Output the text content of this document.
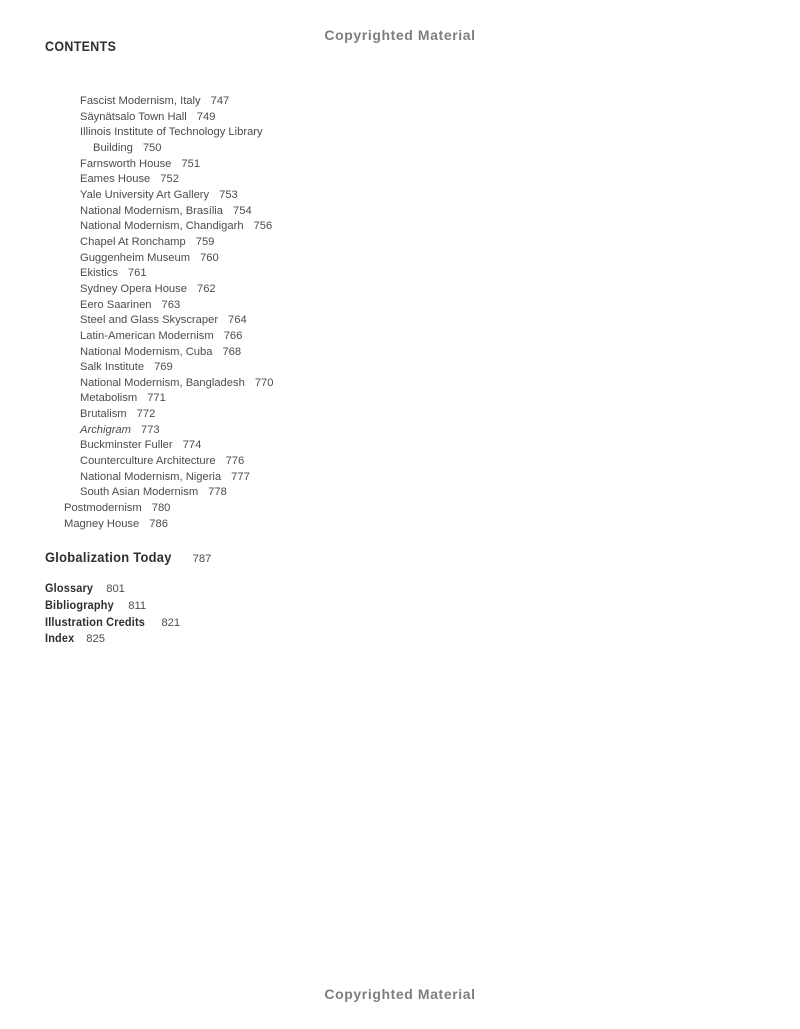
Copyrighted Material
CONTENTS
Fascist Modernism, Italy 747
Säynätsalo Town Hall 749
Illinois Institute of Technology Library
Building 750
Farnsworth House 751
Eames House 752
Yale University Art Gallery 753
National Modernism, Brasília 754
National Modernism, Chandigarh 756
Chapel At Ronchamp 759
Guggenheim Museum 760
Ekistics 761
Sydney Opera House 762
Eero Saarinen 763
Steel and Glass Skyscraper 764
Latin-American Modernism 766
National Modernism, Cuba 768
Salk Institute 769
National Modernism, Bangladesh 770
Metabolism 771
Brutalism 772
Archigram 773
Buckminster Fuller 774
Counterculture Architecture 776
National Modernism, Nigeria 777
South Asian Modernism 778
Postmodernism 780
Magney House 786
Globalization Today 787
Glossary 801
Bibliography 811
Illustration Credits 821
Index 825
Copyrighted Material
